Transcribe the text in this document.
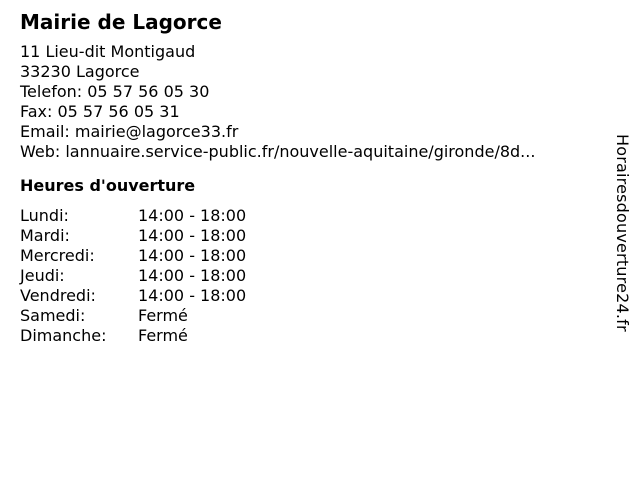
Mairie de Lagorce
11 Lieu-dit Montigaud
33230 Lagorce
Telefon: 05 57 56 05 30
Fax: 05 57 56 05 31
Email: mairie@lagorce33.fr
Web: lannuaire.service-public.fr/nouvelle-aquitaine/gironde/8d...
Heures d'ouverture
Lundi:	14:00 - 18:00
Mardi:	14:00 - 18:00
Mercredi:	14:00 - 18:00
Jeudi:	14:00 - 18:00
Vendredi:	14:00 - 18:00
Samedi:	Fermé
Dimanche:	Fermé
Horairesdouverture24.fr
